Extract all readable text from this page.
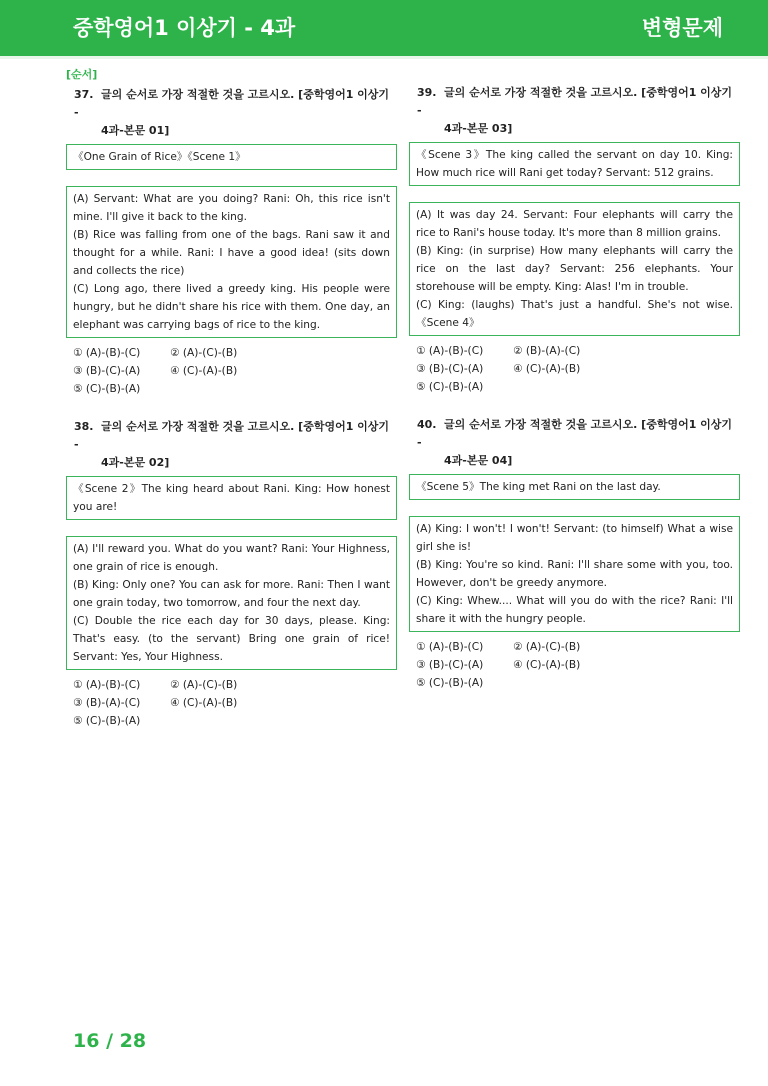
중학영어1 이상기 - 4과	변형문제
[순서]
37. 글의 순서로 가장 적절한 것을 고르시오. [중학영어1 이상기 -
4과-본문 01]

《One Grain of Rice》《Scene 1》

(A) Servant: What are you doing? Rani: Oh, this rice isn't mine. I'll give it back to the king.

(B) Rice was falling from one of the bags. Rani saw it and thought for a while. Rani: I have a good idea! (sits down and collects the rice)

(C) Long ago, there lived a greedy king. His people were hungry, but he didn't share his rice with them. One day, an elephant was carrying bags of rice to the king.

① (A)-(B)-(C)	② (A)-(C)-(B)
③ (B)-(C)-(A)	④ (C)-(A)-(B)
⑤ (C)-(B)-(A)
38. 글의 순서로 가장 적절한 것을 고르시오. [중학영어1 이상기 -
4과-본문 02]

《Scene 2》The king heard about Rani. King: How honest you are!

(A) I'll reward you. What do you want? Rani: Your Highness, one grain of rice is enough.

(B) King: Only one? You can ask for more. Rani: Then I want one grain today, two tomorrow, and four the next day.

(C) Double the rice each day for 30 days, please. King: That's easy. (to the servant) Bring one grain of rice! Servant: Yes, Your Highness.

① (A)-(B)-(C)	② (A)-(C)-(B)
③ (B)-(A)-(C)	④ (C)-(A)-(B)
⑤ (C)-(B)-(A)
39. 글의 순서로 가장 적절한 것을 고르시오. [중학영어1 이상기 -
4과-본문 03]

《Scene 3》The king called the servant on day 10. King: How much rice will Rani get today? Servant: 512 grains.

(A) It was day 24. Servant: Four elephants will carry the rice to Rani's house today. It's more than 8 million grains.

(B) King: (in surprise) How many elephants will carry the rice on the last day? Servant: 256 elephants. Your storehouse will be empty. King: Alas! I'm in trouble.

(C) King: (laughs) That's just a handful. She's not wise. 《Scene 4》

① (A)-(B)-(C)	② (B)-(A)-(C)
③ (B)-(C)-(A)	④ (C)-(A)-(B)
⑤ (C)-(B)-(A)
40. 글의 순서로 가장 적절한 것을 고르시오. [중학영어1 이상기 -
4과-본문 04]

《Scene 5》The king met Rani on the last day.

(A) King: I won't! I won't! Servant: (to himself) What a wise girl she is!

(B) King: You're so kind. Rani: I'll share some with you, too. However, don't be greedy anymore.

(C) King: Whew.... What will you do with the rice? Rani: I'll share it with the hungry people.

① (A)-(B)-(C)	② (A)-(C)-(B)
③ (B)-(C)-(A)	④ (C)-(A)-(B)
⑤ (C)-(B)-(A)
16 / 28
